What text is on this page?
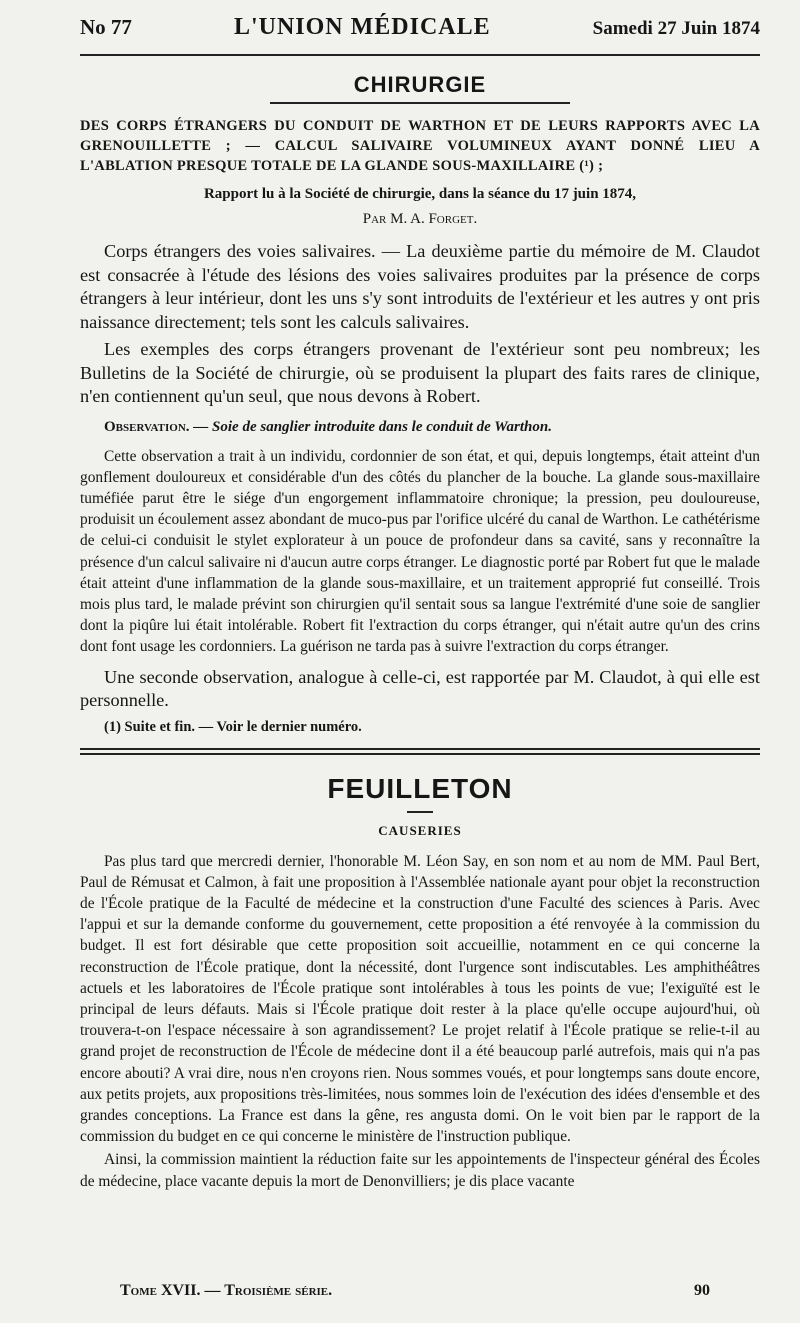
No 77	L'UNION MÉDICALE	Samedi 27 Juin 1874
CHIRURGIE

DES CORPS ÉTRANGERS DU CONDUIT DE WARTHON ET DE LEURS RAPPORTS AVEC LA GRENOUILLETTE ; — CALCUL SALIVAIRE VOLUMINEUX AYANT DONNÉ LIEU A L'ABLATION PRESQUE TOTALE DE LA GLANDE SOUS-MAXILLAIRE (¹) ;

Rapport lu à la Société de chirurgie, dans la séance du 17 juin 1874,
Par M. A. Forget.

Corps étrangers des voies salivaires. — La deuxième partie du mémoire de M. Claudot est consacrée à l'étude des lésions des voies salivaires produites par la présence de corps étrangers à leur intérieur, dont les uns s'y sont introduits de l'extérieur et les autres y ont pris naissance directement; tels sont les calculs salivaires.

Les exemples des corps étrangers provenant de l'extérieur sont peu nombreux; les Bulletins de la Société de chirurgie, où se produisent la plupart des faits rares de clinique, n'en contiennent qu'un seul, que nous devons à Robert.

Observation. — Soie de sanglier introduite dans le conduit de Warthon.

Cette observation a trait à un individu, cordonnier de son état, et qui, depuis longtemps, était atteint d'un gonflement douloureux et considérable d'un des côtés du plancher de la bouche. La glande sous-maxillaire tuméfiée parut être le siége d'un engorgement inflammatoire chronique; la pression, peu douloureuse, produisit un écoulement assez abondant de muco-pus par l'orifice ulcéré du canal de Warthon. Le cathétérisme de celui-ci conduisit le stylet explorateur à un pouce de profondeur dans sa cavité, sans y reconnaître la présence d'un calcul salivaire ni d'aucun autre corps étranger. Le diagnostic porté par Robert fut que le malade était atteint d'une inflammation de la glande sous-maxillaire, et un traitement approprié fut conseillé. Trois mois plus tard, le malade prévint son chirurgien qu'il sentait sous sa langue l'extrémité d'une soie de sanglier dont la piqûre lui était intolérable. Robert fit l'extraction du corps étranger, qui n'était autre qu'un des crins dont font usage les cordonniers. La guérison ne tarda pas à suivre l'extraction du corps étranger.

Une seconde observation, analogue à celle-ci, est rapportée par M. Claudot, à qui elle est personnelle.

(1) Suite et fin. — Voir le dernier numéro.
FEUILLETON
CAUSERIES

Pas plus tard que mercredi dernier, l'honorable M. Léon Say, en son nom et au nom de MM. Paul Bert, Paul de Rémusat et Calmon, à fait une proposition à l'Assemblée nationale ayant pour objet la reconstruction de l'École pratique de la Faculté de médecine et la construction d'une Faculté des sciences à Paris. Avec l'appui et sur la demande conforme du gouvernement, cette proposition a été renvoyée à la commission du budget. Il est fort désirable que cette proposition soit accueillie, notamment en ce qui concerne la reconstruction de l'École pratique, dont la nécessité, dont l'urgence sont indiscutables. Les amphithéâtres actuels et les laboratoires de l'École pratique sont intolérables à tous les points de vue; l'exiguïté est le principal de leurs défauts. Mais si l'École pratique doit rester à la place qu'elle occupe aujourd'hui, où trouvera-t-on l'espace nécessaire à son agrandissement? Le projet relatif à l'École pratique se relie-t-il au grand projet de reconstruction de l'École de médecine dont il a été beaucoup parlé autrefois, mais qui n'a pas encore abouti? A vrai dire, nous n'en croyons rien. Nous sommes voués, et pour longtemps sans doute encore, aux petits projets, aux propositions très-limitées, nous sommes loin de l'exécution des idées d'ensemble et des grandes conceptions. La France est dans la gêne, res angusta domi. On le voit bien par le rapport de la commission du budget en ce qui concerne le ministère de l'instruction publique.

Ainsi, la commission maintient la réduction faite sur les appointements de l'inspecteur général des Écoles de médecine, place vacante depuis la mort de Denonvilliers; je dis place vacante

Tome XVII. — Troisième série.	90
